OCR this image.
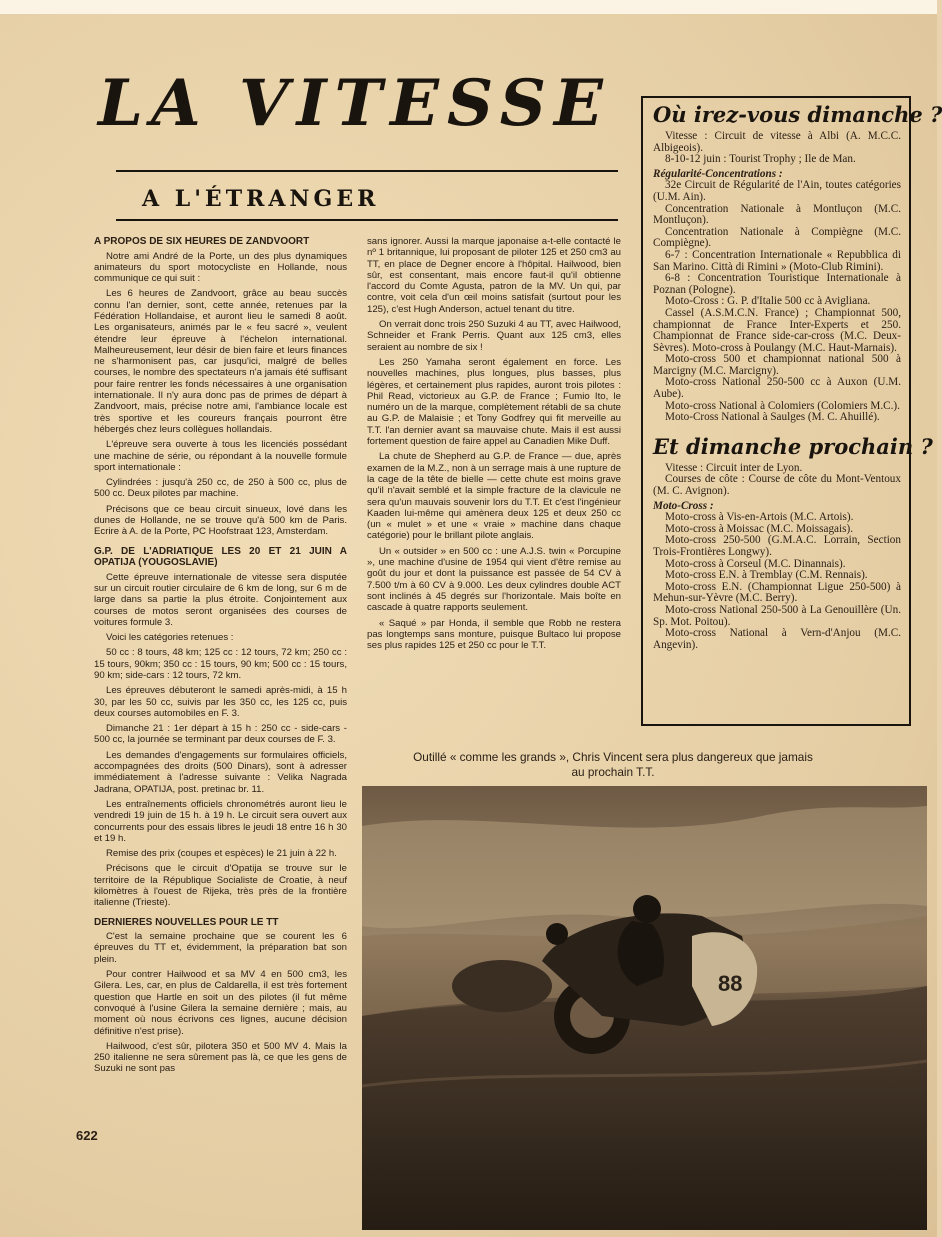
LA VITESSE
A L'ÉTRANGER
A PROPOS DE SIX HEURES DE ZANDVOORT

Notre ami André de la Porte, un des plus dynamiques animateurs du sport motocycliste en Hollande, nous communique ce qui suit :

Les 6 heures de Zandvoort, grâce au beau succès connu l'an dernier, sont, cette année, retenues par la Fédération Hollandaise, et auront lieu le samedi 8 août. Les organisateurs, animés par le « feu sacré », veulent étendre leur épreuve à l'échelon international. Malheureusement, leur désir de bien faire et leurs finances ne s'harmonisent pas, car jusqu'ici, malgré de belles courses, le nombre des spectateurs n'a jamais été suffisant pour faire rentrer les fonds nécessaires à une organisation internationale. Il n'y aura donc pas de primes de départ à Zandvoort, mais, précise notre ami, l'ambiance locale est très sportive et les coureurs français pourront être hébergés chez leurs collègues hollandais.

L'épreuve sera ouverte à tous les licenciés possédant une machine de série, ou répondant à la nouvelle formule sport internationale :

Cylindrées : jusqu'à 250 cc, de 250 à 500 cc, plus de 500 cc. Deux pilotes par machine.

Précisons que ce beau circuit sinueux, lové dans les dunes de Hollande, ne se trouve qu'à 500 km de Paris. Ecrire à A. de la Porte, PC Hoofstraat 123, Amsterdam.

G.P. DE L'ADRIATIQUE LES 20 ET 21 JUIN A OPATIJA (YOUGOSLAVIE)

Cette épreuve internationale de vitesse sera disputée sur un circuit routier circulaire de 6 km de long, sur 6 m de large dans sa partie la plus étroite. Conjointement aux courses de motos seront organisées des courses de voitures formule 3.

Voici les catégories retenues :

50 cc : 8 tours, 48 km; 125 cc : 12 tours, 72 km; 250 cc : 15 tours, 90km; 350 cc : 15 tours, 90 km; 500 cc : 15 tours, 90 km; side-cars : 12 tours, 72 km.

Les épreuves débuteront le samedi après-midi, à 15 h 30, par les 50 cc, suivis par les 350 cc, les 125 cc, puis deux courses automobiles en F. 3.

Dimanche 21 : 1er départ à 15 h : 250 cc - side-cars - 500 cc, la journée se terminant par deux courses de F. 3.

Les demandes d'engagements sur formulaires officiels, accompagnées des droits (500 Dinars), sont à adresser immédiatement à l'adresse suivante : Velika Nagrada Jadrana, OPATIJA, post. pretinac br. 11.

Les entraînements officiels chronométrés auront lieu le vendredi 19 juin de 15 h. à 19 h. Le circuit sera ouvert aux concurrents pour des essais libres le jeudi 18 entre 16 h 30 et 19 h.

Remise des prix (coupes et espèces) le 21 juin à 22 h.

Précisons que le circuit d'Opatija se trouve sur le territoire de la République Socialiste de Croatie, à neuf kilomètres à l'ouest de Rijeka, très près de la frontière italienne (Trieste).

DERNIERES NOUVELLES POUR LE TT

C'est la semaine prochaine que se courent les 6 épreuves du TT et, évidemment, la préparation bat son plein.

Pour contrer Hailwood et sa MV 4 en 500 cm3, les Gilera. Les, car, en plus de Caldarella, il est très fortement question que Hartle en soit un des pilotes (il fut même convoqué à l'usine Gilera la semaine dernière ; mais, au moment où nous écrivons ces lignes, aucune décision définitive n'est prise).

Hailwood, c'est sûr, pilotera 350 et 500 MV 4. Mais la 250 italienne ne sera sûrement pas là, ce que les gens de Suzuki ne sont pas

sans ignorer. Aussi la marque japonaise a-t-elle contacté le nº 1 britannique, lui proposant de piloter 125 et 250 cm3 au TT, en place de Degner encore à l'hôpital. Hailwood, bien sûr, est consentant, mais encore faut-il qu'il obtienne l'accord du Comte Agusta, patron de la MV. Un qui, par contre, voit cela d'un œil moins satisfait (surtout pour les 125), c'est Hugh Anderson, actuel tenant du titre.

On verrait donc trois 250 Suzuki 4 au TT, avec Hailwood, Schneider et Frank Perris. Quant aux 125 cm3, elles seraient au nombre de six !

Les 250 Yamaha seront également en force. Les nouvelles machines, plus longues, plus basses, plus légères, et certainement plus rapides, auront trois pilotes : Phil Read, victorieux au G.P. de France ; Fumio Ito, le numéro un de la marque, complètement rétabli de sa chute au G.P. de Malaisie ; et Tony Godfrey qui fit merveille au T.T. l'an dernier avant sa mauvaise chute. Mais il est aussi fortement question de faire appel au Canadien Mike Duff.

La chute de Shepherd au G.P. de France — due, après examen de la M.Z., non à un serrage mais à une rupture de la cage de la tête de bielle — cette chute est moins grave qu'il n'avait semblé et la simple fracture de la clavicule ne sera qu'un mauvais souvenir lors du T.T. Et c'est l'ingénieur Kaaden lui-même qui amènera deux 125 et deux 250 cc (un « mulet » et une « vraie » machine dans chaque catégorie) pour le brillant pilote anglais.

Un « outsider » en 500 cc : une A.J.S. twin « Porcupine », une machine d'usine de 1954 qui vient d'être remise au goût du jour et dont la puissance est passée de 54 CV à 7.500 t/m à 60 CV à 9.000. Les deux cylindres double ACT sont inclinés à 45 degrés sur l'horizontale. Mais boîte en cascade à quatre rapports seulement.

« Saqué » par Honda, il semble que Robb ne restera pas longtemps sans monture, puisque Bultaco lui propose ses plus rapides 125 et 250 cc pour le T.T.

Où irez-vous dimanche ?

Vitesse : Circuit de vitesse à Albi (A. M.C.C. Albigeois).

8-10-12 juin : Tourist Trophy ; Ile de Man.

Régularité-Concentrations :

32e Circuit de Régularité de l'Ain, toutes catégories (U.M. Ain).

Concentration Nationale à Montluçon (M.C. Montluçon).

Concentration Nationale à Compiègne (M.C. Compiègne).

6-7 : Concentration Internationale « Repubblica di San Marino. Città di Rimini » (Moto-Club Rimini).

6-8 : Concentration Touristique Internationale à Poznan (Pologne).

Moto-Cross : G. P. d'Italie 500 cc à Avigliana.

Cassel (A.S.M.C.N. France) ; Championnat 500, championnat de France Inter-Experts et 250. Championnat de France side-car-cross (M.C. Deux-Sèvres). Moto-cross à Poulangy (M.C. Haut-Marnais).

Moto-cross 500 et championnat national 500 à Marcigny (M.C. Marcigny).

Moto-cross National 250-500 cc à Auxon (U.M. Aube).

Moto-cross National à Colomiers (Colomiers M.C.).

Moto-Cross National à Saulges (M. C. Ahuillé).

Et dimanche prochain ?

Vitesse : Circuit inter de Lyon.

Courses de côte : Course de côte du Mont-Ventoux (M. C. Avignon).

Moto-Cross :

Moto-cross à Vis-en-Artois (M.C. Artois).

Moto-cross à Moissac (M.C. Moissagais).

Moto-cross 250-500 (G.M.A.C. Lorrain, Section Trois-Frontières Longwy).

Moto-cross à Corseul (M.C. Dinannais).

Moto-cross E.N. à Tremblay (C.M. Rennais).

Moto-cross E.N. (Championnat Ligue 250-500) à Mehun-sur-Yèvre (M.C. Berry).

Moto-cross National 250-500 à La Genouillère (Un. Sp. Mot. Poitou).

Moto-cross National à Vern-d'Anjou (M.C. Angevin).

Outillé « comme les grands », Chris Vincent sera plus dangereux que jamais au prochain T.T.
88
622
